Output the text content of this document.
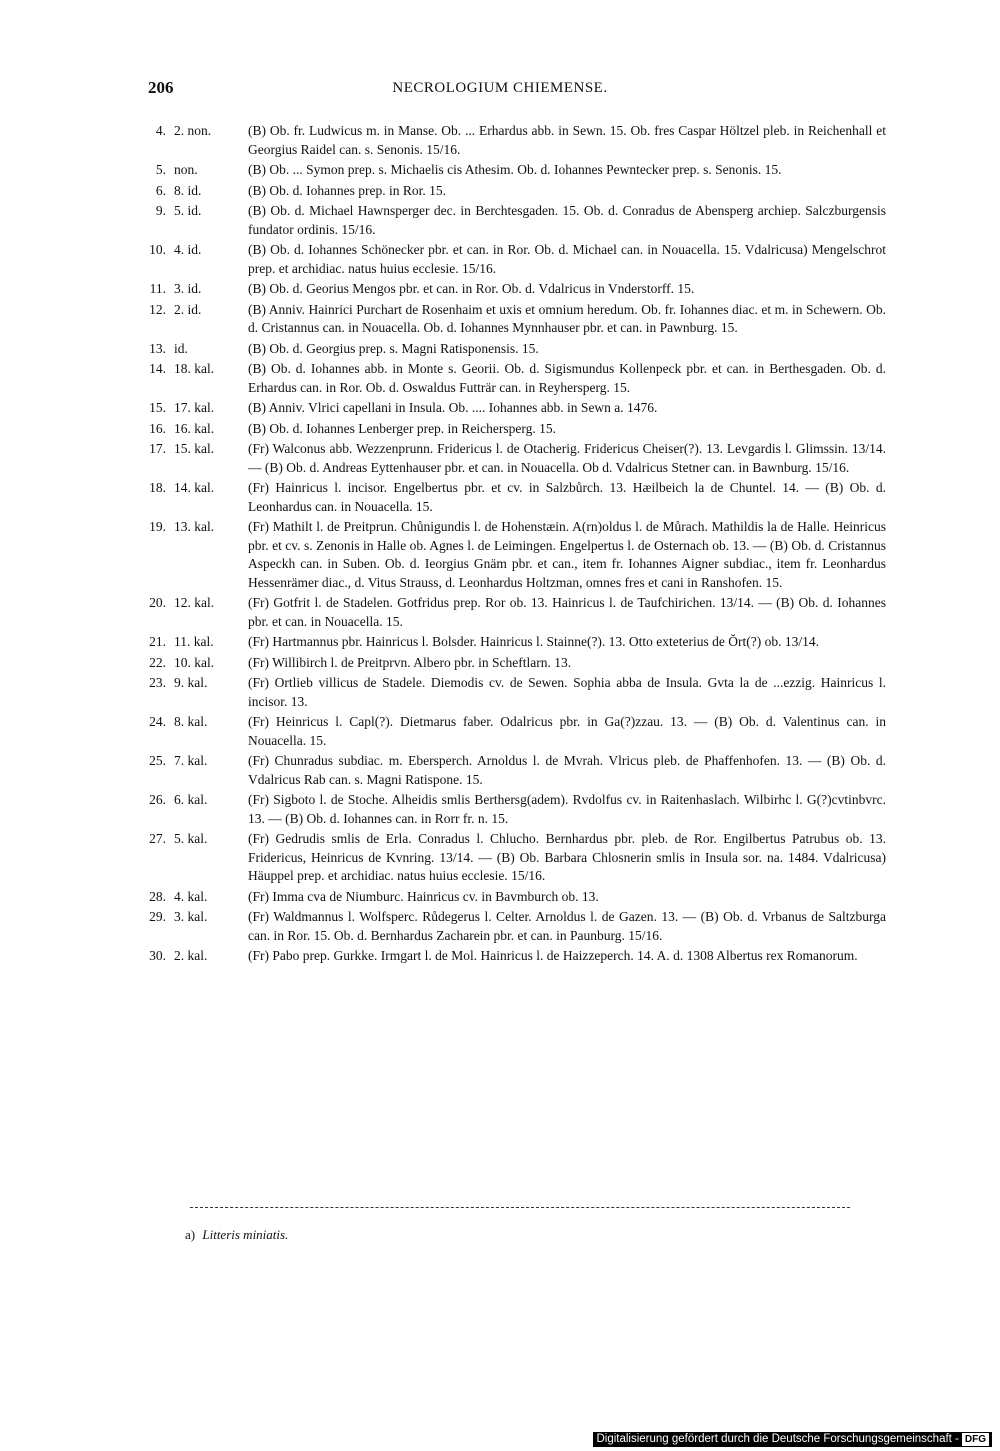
206	NECROLOGIUM CHIEMENSE.
4. 2. non.	(B) Ob. fr. Ludwicus m. in Manse. Ob. ... Erhardus abb. in Sewn. 15. Ob. fres Caspar Höltzel pleb. in Reichenhall et Georgius Raidel can. s. Senonis. 15/16.
5. non.	(B) Ob. ... Symon prep. s. Michaelis cis Athesim. Ob. d. Iohannes Pewntecker prep. s. Senonis. 15.
6. 8. id.	(B) Ob. d. Iohannes prep. in Ror. 15.
9. 5. id.	(B) Ob. d. Michael Hawnsperger dec. in Berchtesgaden. 15. Ob. d. Conradus de Abensperg archiep. Salczburgensis fundator ordinis. 15/16.
10. 4. id.	(B) Ob. d. Iohannes Schönecker pbr. et can. in Ror. Ob. d. Michael can. in Nouacella. 15. Vdalricusa) Mengelschrot prep. et archidiac. natus huius ecclesie. 15/16.
11. 3. id.	(B) Ob. d. Georius Mengos pbr. et can. in Ror. Ob. d. Vdalricus in Vnderstorff. 15.
12. 2. id.	(B) Anniv. Hainrici Purchart de Rosenhaim et uxis et omnium heredum. Ob. fr. Iohannes diac. et m. in Schewern. Ob. d. Cristannus can. in Nouacella. Ob. d. Iohannes Mynnhauser pbr. et can. in Pawnburg. 15.
13. id.	(B) Ob. d. Georgius prep. s. Magni Ratisponensis. 15.
14. 18. kal.	(B) Ob. d. Iohannes abb. in Monte s. Georii. Ob. d. Sigismundus Kollenpeck pbr. et can. in Berthesgaden. Ob. d. Erhardus can. in Ror. Ob. d. Oswaldus Futträr can. in Reyhersperg. 15.
15. 17. kal.	(B) Anniv. Vlrici capellani in Insula. Ob. .... Iohannes abb. in Sewn a. 1476.
16. 16. kal.	(B) Ob. d. Iohannes Lenberger prep. in Reichersperg. 15.
17. 15. kal.	(Fr) Walconus abb. Wezzenprunn. Fridericus l. de Otacherig. Fridericus Cheiser(?). 13. Levgardis l. Glimssin. 13/14. — (B) Ob. d. Andreas Eyttenhauser pbr. et can. in Nouacella. Ob d. Vdalricus Stetner can. in Bawnburg. 15/16.
18. 14. kal.	(Fr) Hainricus l. incisor. Engelbertus pbr. et cv. in Salzbůrch. 13. Hæilbeich la de Chuntel. 14. — (B) Ob. d. Leonhardus can. in Nouacella. 15.
19. 13. kal.	(Fr) Mathilt l. de Preitprun. Chůnigundis l. de Hohenstæin. A(rn)oldus l. de Můrach. Mathildis la de Halle. Heinricus pbr. et cv. s. Zenonis in Halle ob. Agnes l. de Leimingen. Engelpertus l. de Osternach ob. 13. — (B) Ob. d. Cristannus Aspeckh can. in Suben. Ob. d. Ieorgius Gnäm pbr. et can., item fr. Iohannes Aigner subdiac., item fr. Leonhardus Hessenrämer diac., d. Vitus Strauss, d. Leonhardus Holtzman, omnes fres et cani in Ranshofen. 15.
20. 12. kal.	(Fr) Gotfrit l. de Stadelen. Gotfridus prep. Ror ob. 13. Hainricus l. de Taufchirichen. 13/14. — (B) Ob. d. Iohannes pbr. et can. in Nouacella. 15.
21. 11. kal.	(Fr) Hartmannus pbr. Hainricus l. Bolsder. Hainricus l. Stainne(?). 13. Otto exteterius de Ŏrt(?) ob. 13/14.
22. 10. kal.	(Fr) Willibirch l. de Preitprvn. Albero pbr. in Scheftlarn. 13.
23. 9. kal.	(Fr) Ortlieb villicus de Stadele. Diemodis cv. de Sewen. Sophia abba de Insula. Gvta la de ...ezzig. Hainricus l. incisor. 13.
24. 8. kal.	(Fr) Heinricus l. Capl(?). Dietmarus faber. Odalricus pbr. in Ga(?)zzau. 13. — (B) Ob. d. Valentinus can. in Nouacella. 15.
25. 7. kal.	(Fr) Chunradus subdiac. m. Ebersperch. Arnoldus l. de Mvrah. Vlricus pleb. de Phaffenhofen. 13. — (B) Ob. d. Vdalricus Rab can. s. Magni Ratispone. 15.
26. 6. kal.	(Fr) Sigboto l. de Stoche. Alheidis smlis Berthersg(adem). Rvdolfus cv. in Raitenhaslach. Wilbirhc l. G(?)cvtinbvrc. 13. — (B) Ob. d. Iohannes can. in Rorr fr. n. 15.
27. 5. kal.	(Fr) Gedrudis smlis de Erla. Conradus l. Chlucho. Bernhardus pbr. pleb. de Ror. Engilbertus Patrubus ob. 13. Fridericus, Heinricus de Kvnring. 13/14. — (B) Ob. Barbara Chlosnerin smlis in Insula sor. na. 1484. Vdalricusa) Häuppel prep. et archidiac. natus huius ecclesie. 15/16.
28. 4. kal.	(Fr) Imma cva de Niumburc. Hainricus cv. in Bavmburch ob. 13.
29. 3. kal.	(Fr) Waldmannus l. Wolfsperc. Růdegerus l. Celter. Arnoldus l. de Gazen. 13. — (B) Ob. d. Vrbanus de Saltzburga can. in Ror. 15. Ob. d. Bernhardus Zacharein pbr. et can. in Paunburg. 15/16.
30. 2. kal.	(Fr) Pabo prep. Gurkke. Irmgart l. de Mol. Hainricus l. de Haizzeperch. 14. A. d. 1308 Albertus rex Romanorum.
a) Litteris miniatis.
Digitalisierung gefördert durch die Deutsche Forschungsgemeinschaft - DFG
